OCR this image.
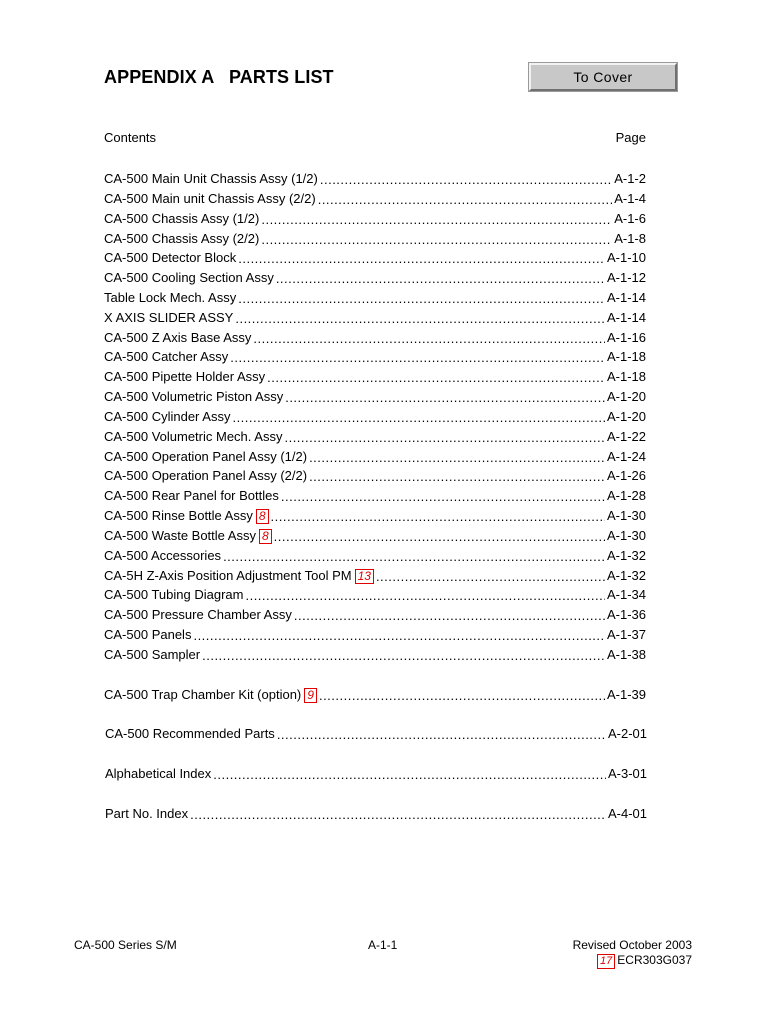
APPENDIX A   PARTS LIST	To Cover
Contents	Page
CA-500 Main Unit Chassis Assy (1/2) .....	A-1-2
CA-500 Main unit Chassis Assy (2/2) .....	A-1-4
CA-500 Chassis Assy (1/2) .....	A-1-6
CA-500 Chassis Assy (2/2) .....	A-1-8
CA-500 Detector Block .....	A-1-10
CA-500 Cooling Section Assy .....	A-1-12
Table Lock Mech. Assy .....	A-1-14
X AXIS SLIDER ASSY .....	A-1-14
CA-500 Z Axis Base Assy .....	A-1-16
CA-500 Catcher Assy .....	A-1-18
CA-500 Pipette Holder Assy .....	A-1-18
CA-500 Volumetric Piston Assy .....	A-1-20
CA-500 Cylinder Assy .....	A-1-20
CA-500 Volumetric Mech. Assy .....	A-1-22
CA-500 Operation Panel Assy (1/2) .....	A-1-24
CA-500 Operation Panel Assy (2/2) .....	A-1-26
CA-500 Rear Panel for Bottles .....	A-1-28
CA-500 Rinse Bottle Assy 8 .....	A-1-30
CA-500 Waste Bottle Assy 8 .....	A-1-30
CA-500 Accessories .....	A-1-32
CA-5H Z-Axis Position Adjustment Tool PM 13 .....	A-1-32
CA-500 Tubing Diagram .....	A-1-34
CA-500 Pressure Chamber Assy .....	A-1-36
CA-500 Panels .....	A-1-37
CA-500 Sampler .....	A-1-38
CA-500 Trap Chamber Kit (option) 9 .....	A-1-39
CA-500 Recommended Parts .....	A-2-01
Alphabetical Index .....	A-3-01
Part No. Index .....	A-4-01
CA-500 Series S/M	A-1-1	Revised October 2003
17 ECR303G037
